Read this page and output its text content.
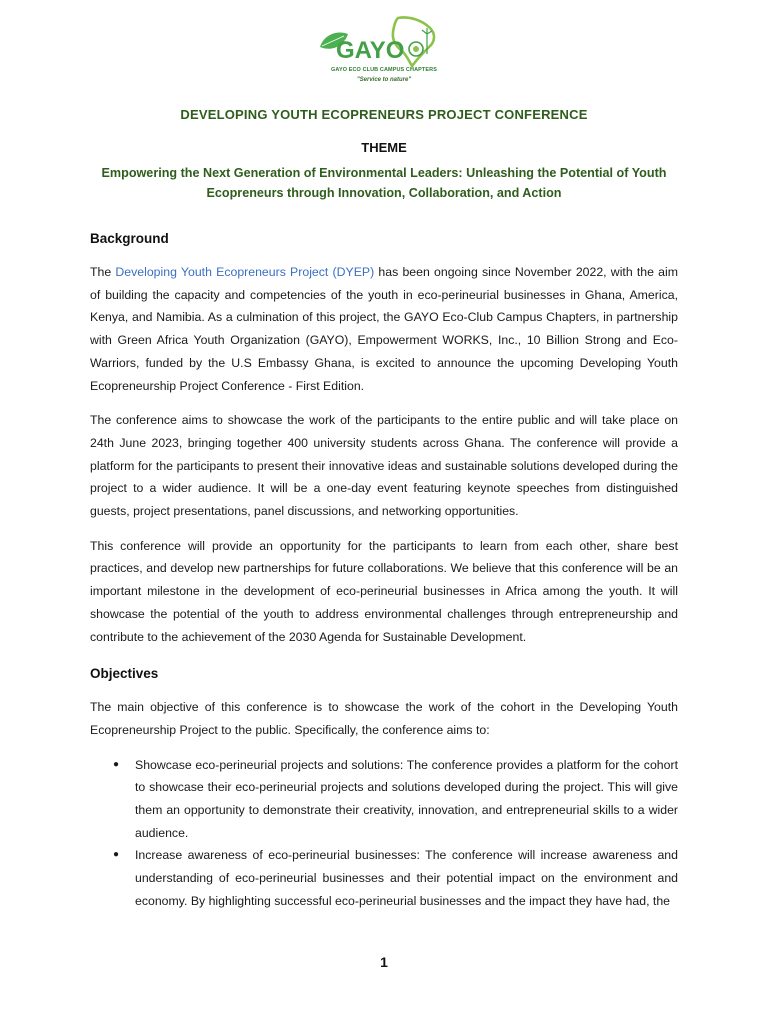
GAYO
GAYO ECO CLUB CAMPUS CHAPTERS
"Service to nature"
DEVELOPING YOUTH ECOPRENEURS PROJECT CONFERENCE
THEME
Empowering the Next Generation of Environmental Leaders: Unleashing the Potential of Youth Ecopreneurs through Innovation, Collaboration, and Action
Background

The Developing Youth Ecopreneurs Project (DYEP) has been ongoing since November 2022, with the aim of building the capacity and competencies of the youth in eco-perineurial businesses in Ghana, America, Kenya, and Namibia. As a culmination of this project, the GAYO Eco-Club Campus Chapters, in partnership with Green Africa Youth Organization (GAYO), Empowerment WORKS, Inc., 10 Billion Strong and Eco-Warriors, funded by the U.S Embassy Ghana, is excited to announce the upcoming Developing Youth Ecopreneurship Project Conference - First Edition.

The conference aims to showcase the work of the participants to the entire public and will take place on 24th June 2023, bringing together 400 university students across Ghana. The conference will provide a platform for the participants to present their innovative ideas and sustainable solutions developed during the project to a wider audience. It will be a one-day event featuring keynote speeches from distinguished guests, project presentations, panel discussions, and networking opportunities.

This conference will provide an opportunity for the participants to learn from each other, share best practices, and develop new partnerships for future collaborations. We believe that this conference will be an important milestone in the development of eco-perineurial businesses in Africa among the youth. It will showcase the potential of the youth to address environmental challenges through entrepreneurship and contribute to the achievement of the 2030 Agenda for Sustainable Development.

Objectives

The main objective of this conference is to showcase the work of the cohort in the Developing Youth Ecopreneurship Project to the public. Specifically, the conference aims to:

● Showcase eco-perineurial projects and solutions: The conference provides a platform for the cohort to showcase their eco-perineurial projects and solutions developed during the project. This will give them an opportunity to demonstrate their creativity, innovation, and entrepreneurial skills to a wider audience.
● Increase awareness of eco-perineurial businesses: The conference will increase awareness and understanding of eco-perineurial businesses and their potential impact on the environment and economy. By highlighting successful eco-perineurial businesses and the impact they have had, the
1
